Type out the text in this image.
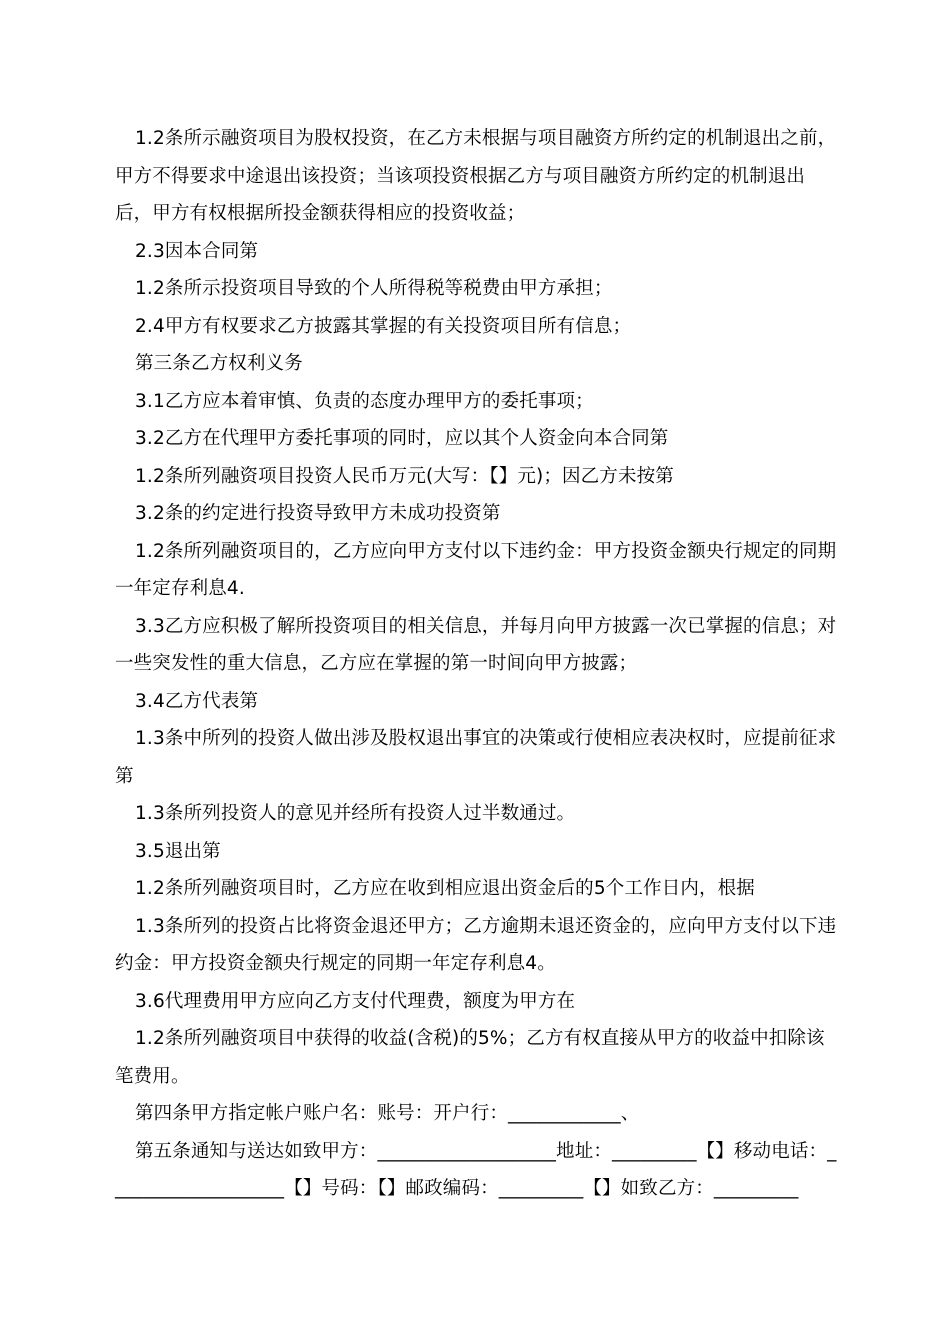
1.2条所示融资项目为股权投资，在乙方未根据与项目融资方所约定的机制退出之前，甲方不得要求中途退出该投资；当该项投资根据乙方与项目融资方所约定的机制退出后，甲方有权根据所投金额获得相应的投资收益；

2.3因本合同第

1.2条所示投资项目导致的个人所得税等税费由甲方承担；

2.4甲方有权要求乙方披露其掌握的有关投资项目所有信息；

第三条乙方权利义务

3.1乙方应本着审慎、负责的态度办理甲方的委托事项；

3.2乙方在代理甲方委托事项的同时，应以其个人资金向本合同第

1.2条所列融资项目投资人民币万元(大写：【】元)；因乙方未按第

3.2条的约定进行投资导致甲方未成功投资第

1.2条所列融资项目的，乙方应向甲方支付以下违约金：甲方投资金额央行规定的同期一年定存利息4.

3.3乙方应积极了解所投资项目的相关信息，并每月向甲方披露一次已掌握的信息；对一些突发性的重大信息，乙方应在掌握的第一时间向甲方披露；

3.4乙方代表第

1.3条中所列的投资人做出涉及股权退出事宜的决策或行使相应表决权时，应提前征求第

1.3条所列投资人的意见并经所有投资人过半数通过。

3.5退出第

1.2条所列融资项目时，乙方应在收到相应退出资金后的5个工作日内，根据

1.3条所列的投资占比将资金退还甲方；乙方逾期未退还资金的，应向甲方支付以下违约金：甲方投资金额央行规定的同期一年定存利息4。

3.6代理费用甲方应向乙方支付代理费，额度为甲方在

1.2条所列融资项目中获得的收益(含税)的5%；乙方有权直接从甲方的收益中扣除该笔费用。

第四条甲方指定帐户账户名：账号：开户行：____________、

第五条通知与送达如致甲方：___________________地址：_________【】移动电话：___________________【】号码：【】邮政编码：_________【】如致乙方：_________
